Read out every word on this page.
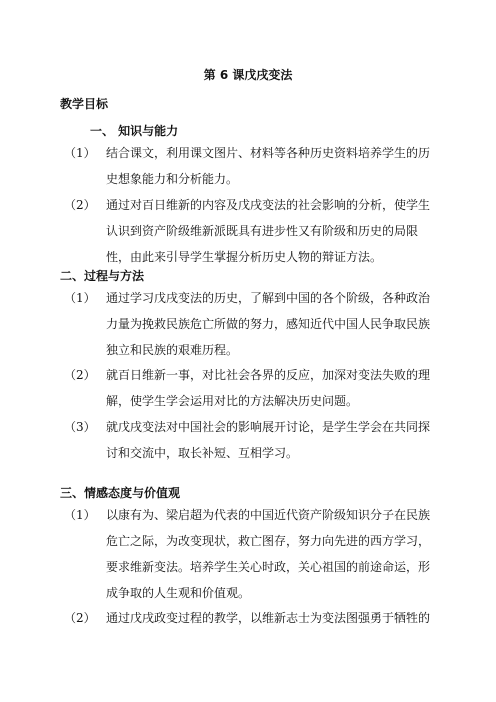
第 6 课戊戌变法
教学目标
一、 知识与能力
（1） 结合课文，利用课文图片、材料等各种历史资料培养学生的历
史想象能力和分析能力。
（2） 通过对百日维新的内容及戊戌变法的社会影响的分析，使学生
认识到资产阶级维新派既具有进步性又有阶级和历史的局限
性，由此来引导学生掌握分析历史人物的辩证方法。
二、过程与方法
（1） 通过学习戊戌变法的历史，了解到中国的各个阶级，各种政治
力量为挽救民族危亡所做的努力，感知近代中国人民争取民族
独立和民族的艰难历程。
（2） 就百日维新一事，对比社会各界的反应，加深对变法失败的理
解，使学生学会运用对比的方法解决历史问题。
（3） 就戊戌变法对中国社会的影响展开讨论，是学生学会在共同探
讨和交流中，取长补短、互相学习。
三、情感态度与价值观
（1） 以康有为、梁启超为代表的中国近代资产阶级知识分子在民族
危亡之际，为改变现状，救亡图存，努力向先进的西方学习，
要求维新变法。培养学生关心时政，关心祖国的前途命运，形
成争取的人生观和价值观。
（2） 通过戊戌政变过程的教学，以维新志士为变法图强勇于牺牲的
